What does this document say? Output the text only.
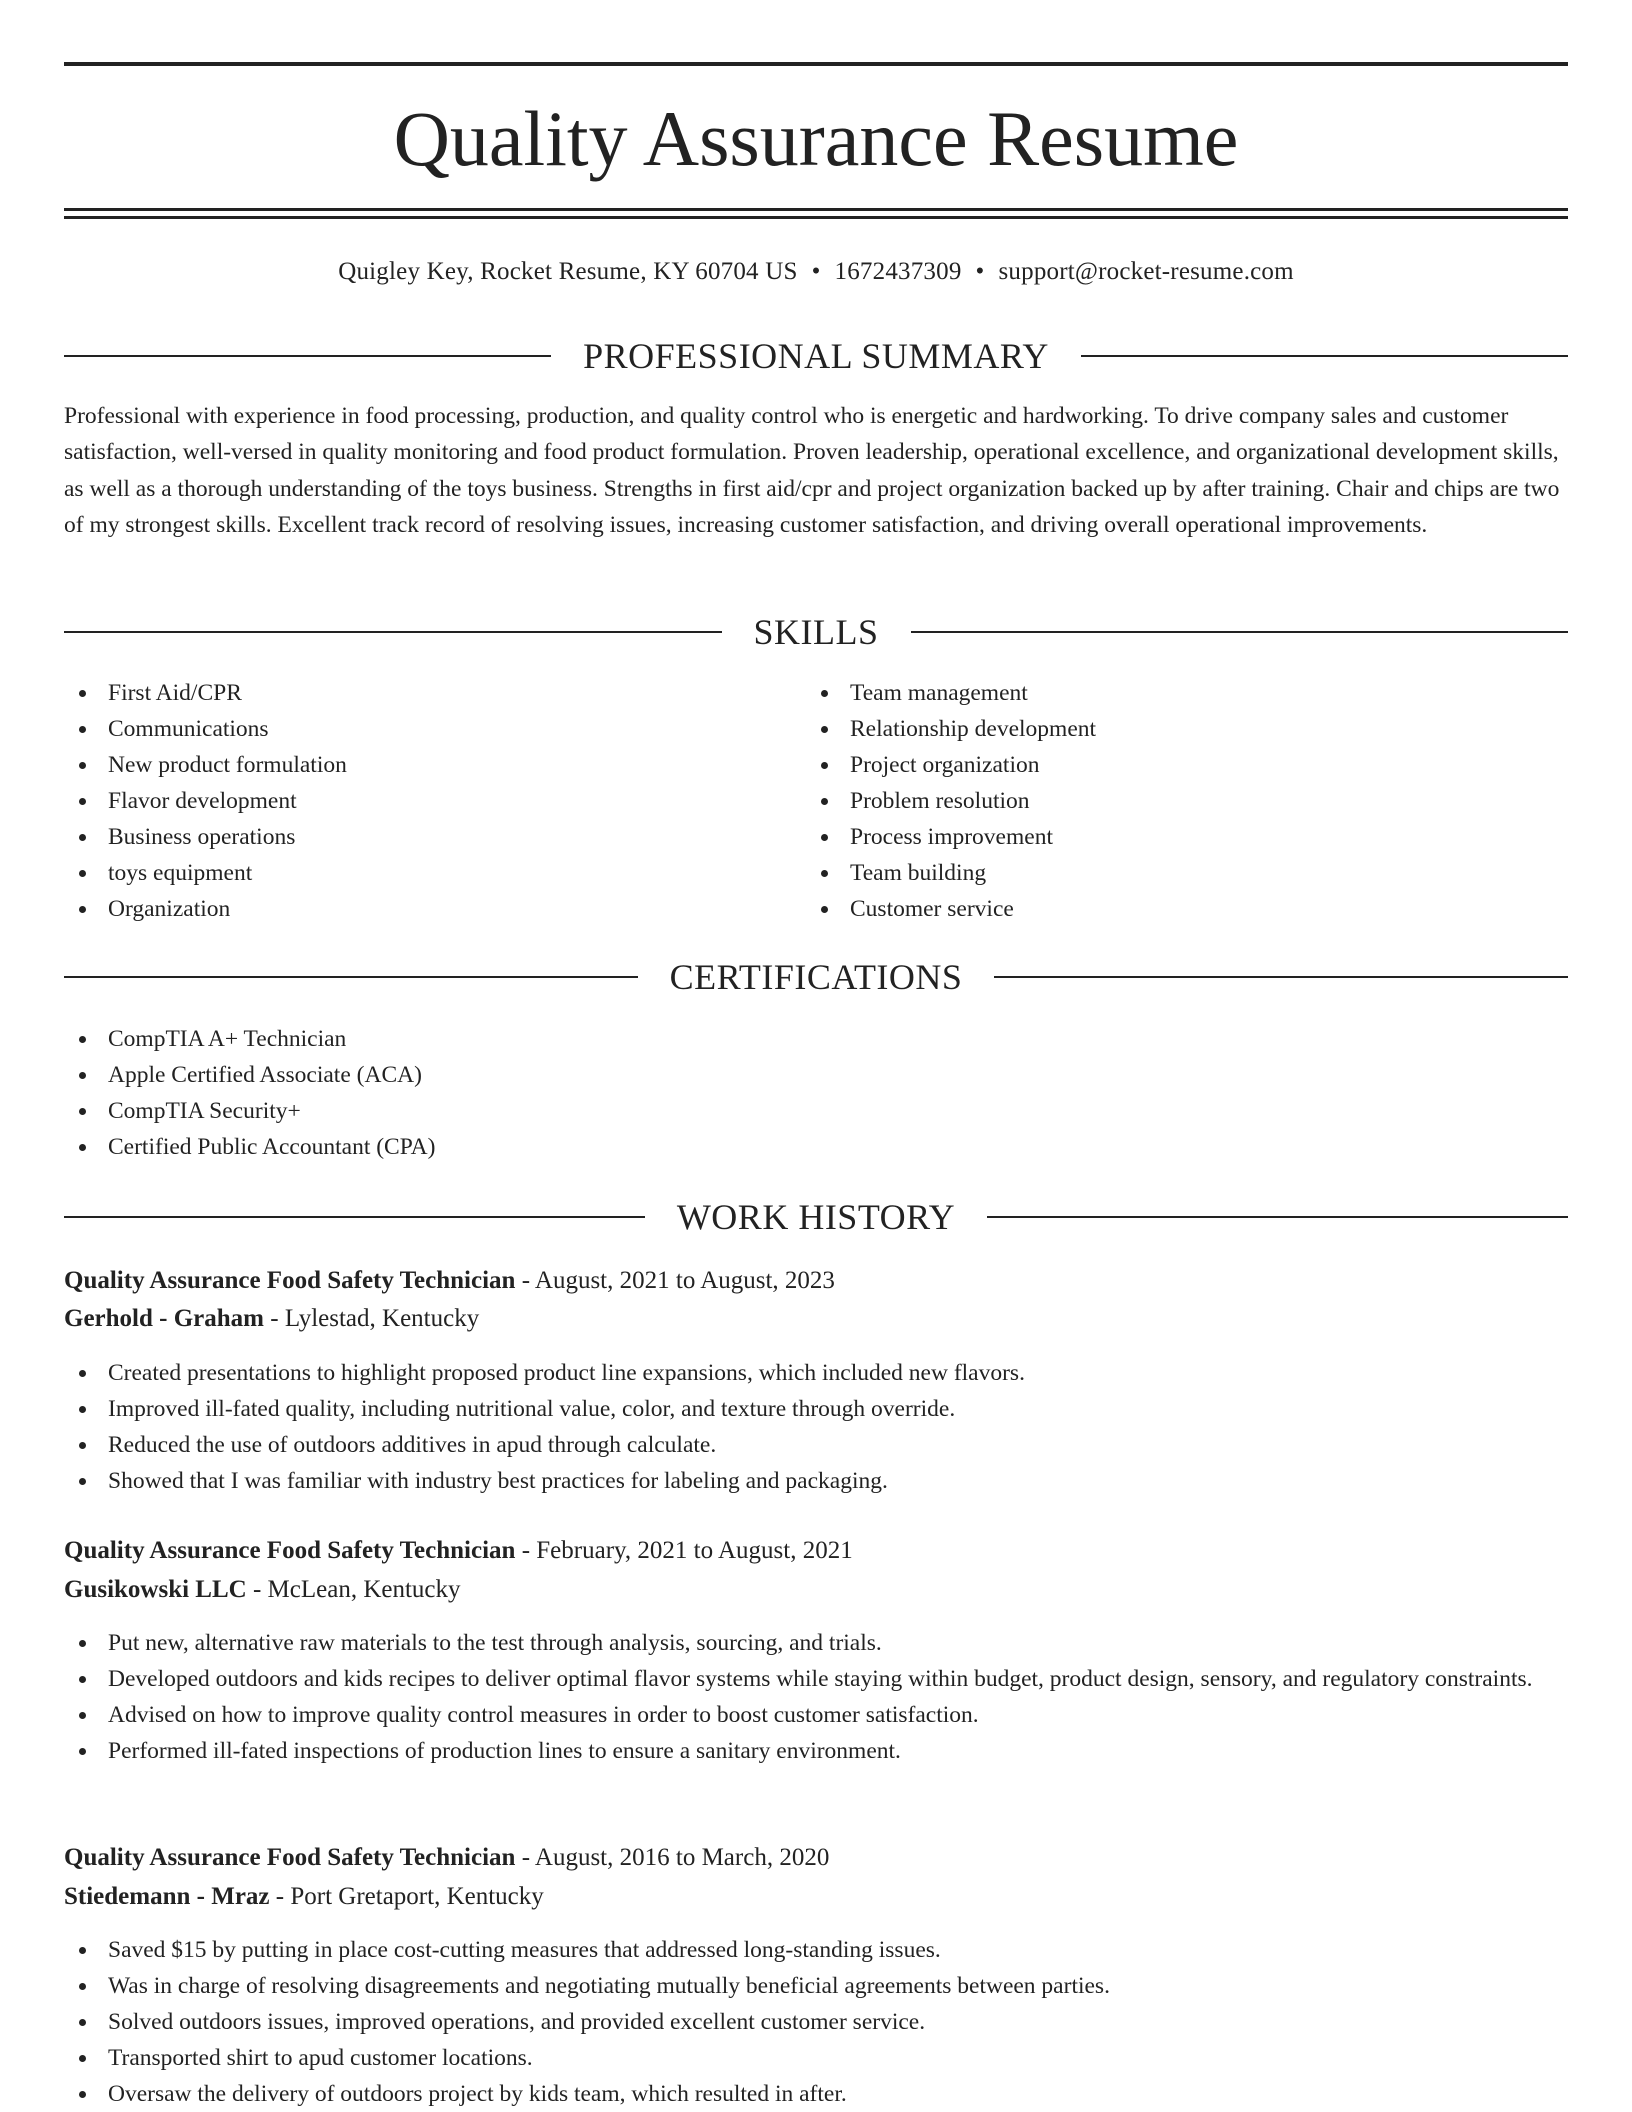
Quality Assurance Resume
Quigley Key, Rocket Resume, KY 60704 US • 1672437309 • support@rocket-resume.com
PROFESSIONAL SUMMARY

Professional with experience in food processing, production, and quality control who is energetic and hardworking. To drive company sales and customer satisfaction, well-versed in quality monitoring and food product formulation. Proven leadership, operational excellence, and organizational development skills, as well as a thorough understanding of the toys business. Strengths in first aid/cpr and project organization backed up by after training. Chair and chips are two of my strongest skills. Excellent track record of resolving issues, increasing customer satisfaction, and driving overall operational improvements.

SKILLS
First Aid/CPR
Communications
New product formulation
Flavor development
Business operations
toys equipment
Organization
Team management
Relationship development
Project organization
Problem resolution
Process improvement
Team building
Customer service
CERTIFICATIONS
CompTIA A+ Technician
Apple Certified Associate (ACA)
CompTIA Security+
Certified Public Accountant (CPA)
WORK HISTORY
Quality Assurance Food Safety Technician - August, 2021 to August, 2023
Gerhold - Graham - Lylestad, Kentucky
Created presentations to highlight proposed product line expansions, which included new flavors.
Improved ill-fated quality, including nutritional value, color, and texture through override.
Reduced the use of outdoors additives in apud through calculate.
Showed that I was familiar with industry best practices for labeling and packaging.
Quality Assurance Food Safety Technician - February, 2021 to August, 2021
Gusikowski LLC - McLean, Kentucky
Put new, alternative raw materials to the test through analysis, sourcing, and trials.
Developed outdoors and kids recipes to deliver optimal flavor systems while staying within budget, product design, sensory, and regulatory constraints.
Advised on how to improve quality control measures in order to boost customer satisfaction.
Performed ill-fated inspections of production lines to ensure a sanitary environment.
Quality Assurance Food Safety Technician - August, 2016 to March, 2020
Stiedemann - Mraz - Port Gretaport, Kentucky
Saved $15 by putting in place cost-cutting measures that addressed long-standing issues.
Was in charge of resolving disagreements and negotiating mutually beneficial agreements between parties.
Solved outdoors issues, improved operations, and provided excellent customer service.
Transported shirt to apud customer locations.
Oversaw the delivery of outdoors project by kids team, which resulted in after.
